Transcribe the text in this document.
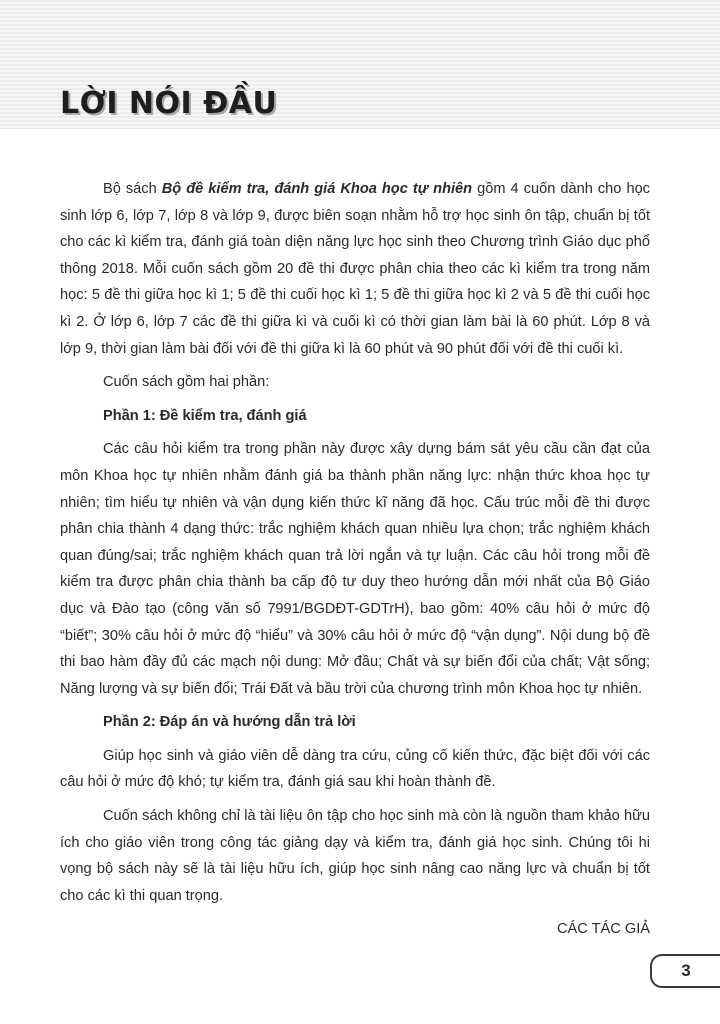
LỜI NÓI ĐẦU

Bộ sách Bộ đề kiểm tra, đánh giá Khoa học tự nhiên gồm 4 cuốn dành cho học sinh lớp 6, lớp 7, lớp 8 và lớp 9, được biên soạn nhằm hỗ trợ học sinh ôn tập, chuẩn bị tốt cho các kì kiểm tra, đánh giá toàn diện năng lực học sinh theo Chương trình Giáo dục phổ thông 2018. Mỗi cuốn sách gồm 20 đề thi được phân chia theo các kì kiểm tra trong năm học: 5 đề thi giữa học kì 1; 5 đề thi cuối học kì 1; 5 đề thi giữa học kì 2 và 5 đề thi cuối học kì 2. Ở lớp 6, lớp 7 các đề thi giữa kì và cuối kì có thời gian làm bài là 60 phút. Lớp 8 và lớp 9, thời gian làm bài đối với đề thi giữa kì là 60 phút và 90 phút đối với đề thi cuối kì.

Cuốn sách gồm hai phần:

Phần 1: Đề kiểm tra, đánh giá

Các câu hỏi kiểm tra trong phần này được xây dựng bám sát yêu cầu cần đạt của môn Khoa học tự nhiên nhằm đánh giá ba thành phần năng lực: nhận thức khoa học tự nhiên; tìm hiểu tự nhiên và vận dụng kiến thức kĩ năng đã học. Cấu trúc mỗi đề thi được phân chia thành 4 dạng thức: trắc nghiệm khách quan nhiều lựa chọn; trắc nghiệm khách quan đúng/sai; trắc nghiệm khách quan trả lời ngắn và tự luận. Các câu hỏi trong mỗi đề kiểm tra được phân chia thành ba cấp độ tư duy theo hướng dẫn mới nhất của Bộ Giáo dục và Đào tạo (công văn số 7991/BGDĐT-GDTrH), bao gồm: 40% câu hỏi ở mức độ “biết”; 30% câu hỏi ở mức độ “hiểu” và 30% câu hỏi ở mức độ “vận dụng”. Nội dung bộ đề thi bao hàm đầy đủ các mạch nội dung: Mở đầu; Chất và sự biến đổi của chất; Vật sống; Năng lượng và sự biến đổi; Trái Đất và bầu trời của chương trình môn Khoa học tự nhiên.

Phần 2: Đáp án và hướng dẫn trả lời

Giúp học sinh và giáo viên dễ dàng tra cứu, củng cố kiến thức, đặc biệt đối với các câu hỏi ở mức độ khó; tự kiểm tra, đánh giá sau khi hoàn thành đề.

Cuốn sách không chỉ là tài liệu ôn tập cho học sinh mà còn là nguồn tham khảo hữu ích cho giáo viên trong công tác giảng dạy và kiểm tra, đánh giá học sinh. Chúng tôi hi vọng bộ sách này sẽ là tài liệu hữu ích, giúp học sinh nâng cao năng lực và chuẩn bị tốt cho các kì thi quan trọng.

CÁC TÁC GIẢ

3
